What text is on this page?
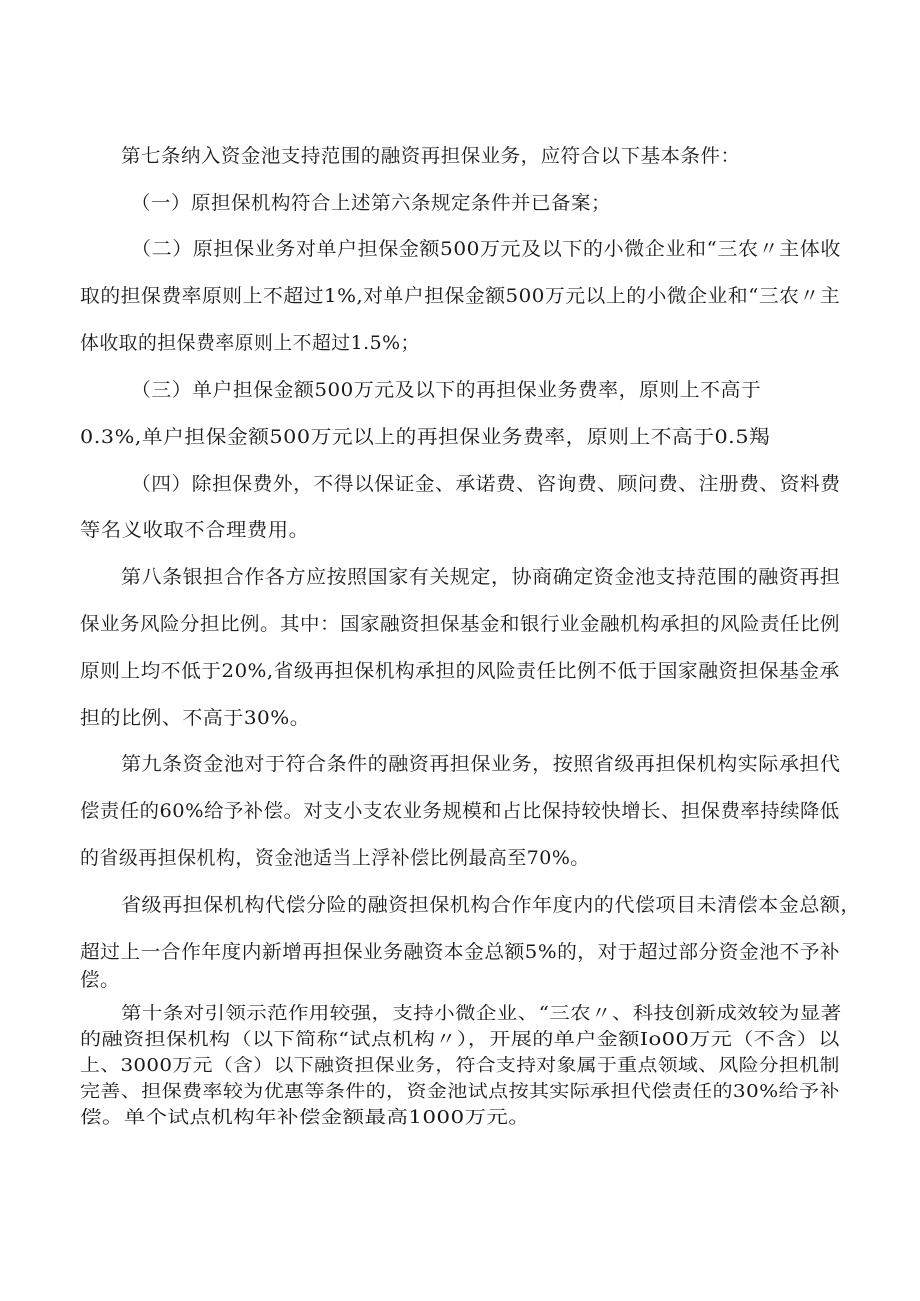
第七条纳入资金池支持范围的融资再担保业务，应符合以下基本条件：
（一）原担保机构符合上述第六条规定条件并已备案；
（二）原担保业务对单户担保金额500万元及以下的小微企业和“三农〃主体收
取的担保费率原则上不超过1%,对单户担保金额500万元以上的小微企业和“三农〃主
体收取的担保费率原则上不超过1.5%；
（三）单户担保金额500万元及以下的再担保业务费率，原则上不高于
0.3%,单户担保金额500万元以上的再担保业务费率，原则上不高于0.5羯
（四）除担保费外，不得以保证金、承诺费、咨询费、顾问费、注册费、资料费
等名义收取不合理费用。
第八条银担合作各方应按照国家有关规定，协商确定资金池支持范围的融资再担
保业务风险分担比例。其中：国家融资担保基金和银行业金融机构承担的风险责任比例
原则上均不低于20%,省级再担保机构承担的风险责任比例不低于国家融资担保基金承
担的比例、不高于30%。
第九条资金池对于符合条件的融资再担保业务，按照省级再担保机构实际承担代
偿责任的60%给予补偿。对支小支农业务规模和占比保持较快增长、担保费率持续降低
的省级再担保机构，资金池适当上浮补偿比例最高至70%。
省级再担保机构代偿分险的融资担保机构合作年度内的代偿项目未清偿本金总额，
超过上一合作年度内新增再担保业务融资本金总额5%的，对于超过部分资金池不予补
偿。
第十条对引领示范作用较强，支持小微企业、“三农〃、科技创新成效较为显著
的融资担保机构（以下简称“试点机构〃），开展的单户金额Io00万元（不含）以
上、3000万元（含）以下融资担保业务，符合支持对象属于重点领域、风险分担机制
完善、担保费率较为优惠等条件的，资金池试点按其实际承担代偿责任的30%给予补
偿。单个试点机构年补偿金额最高1000万元。
